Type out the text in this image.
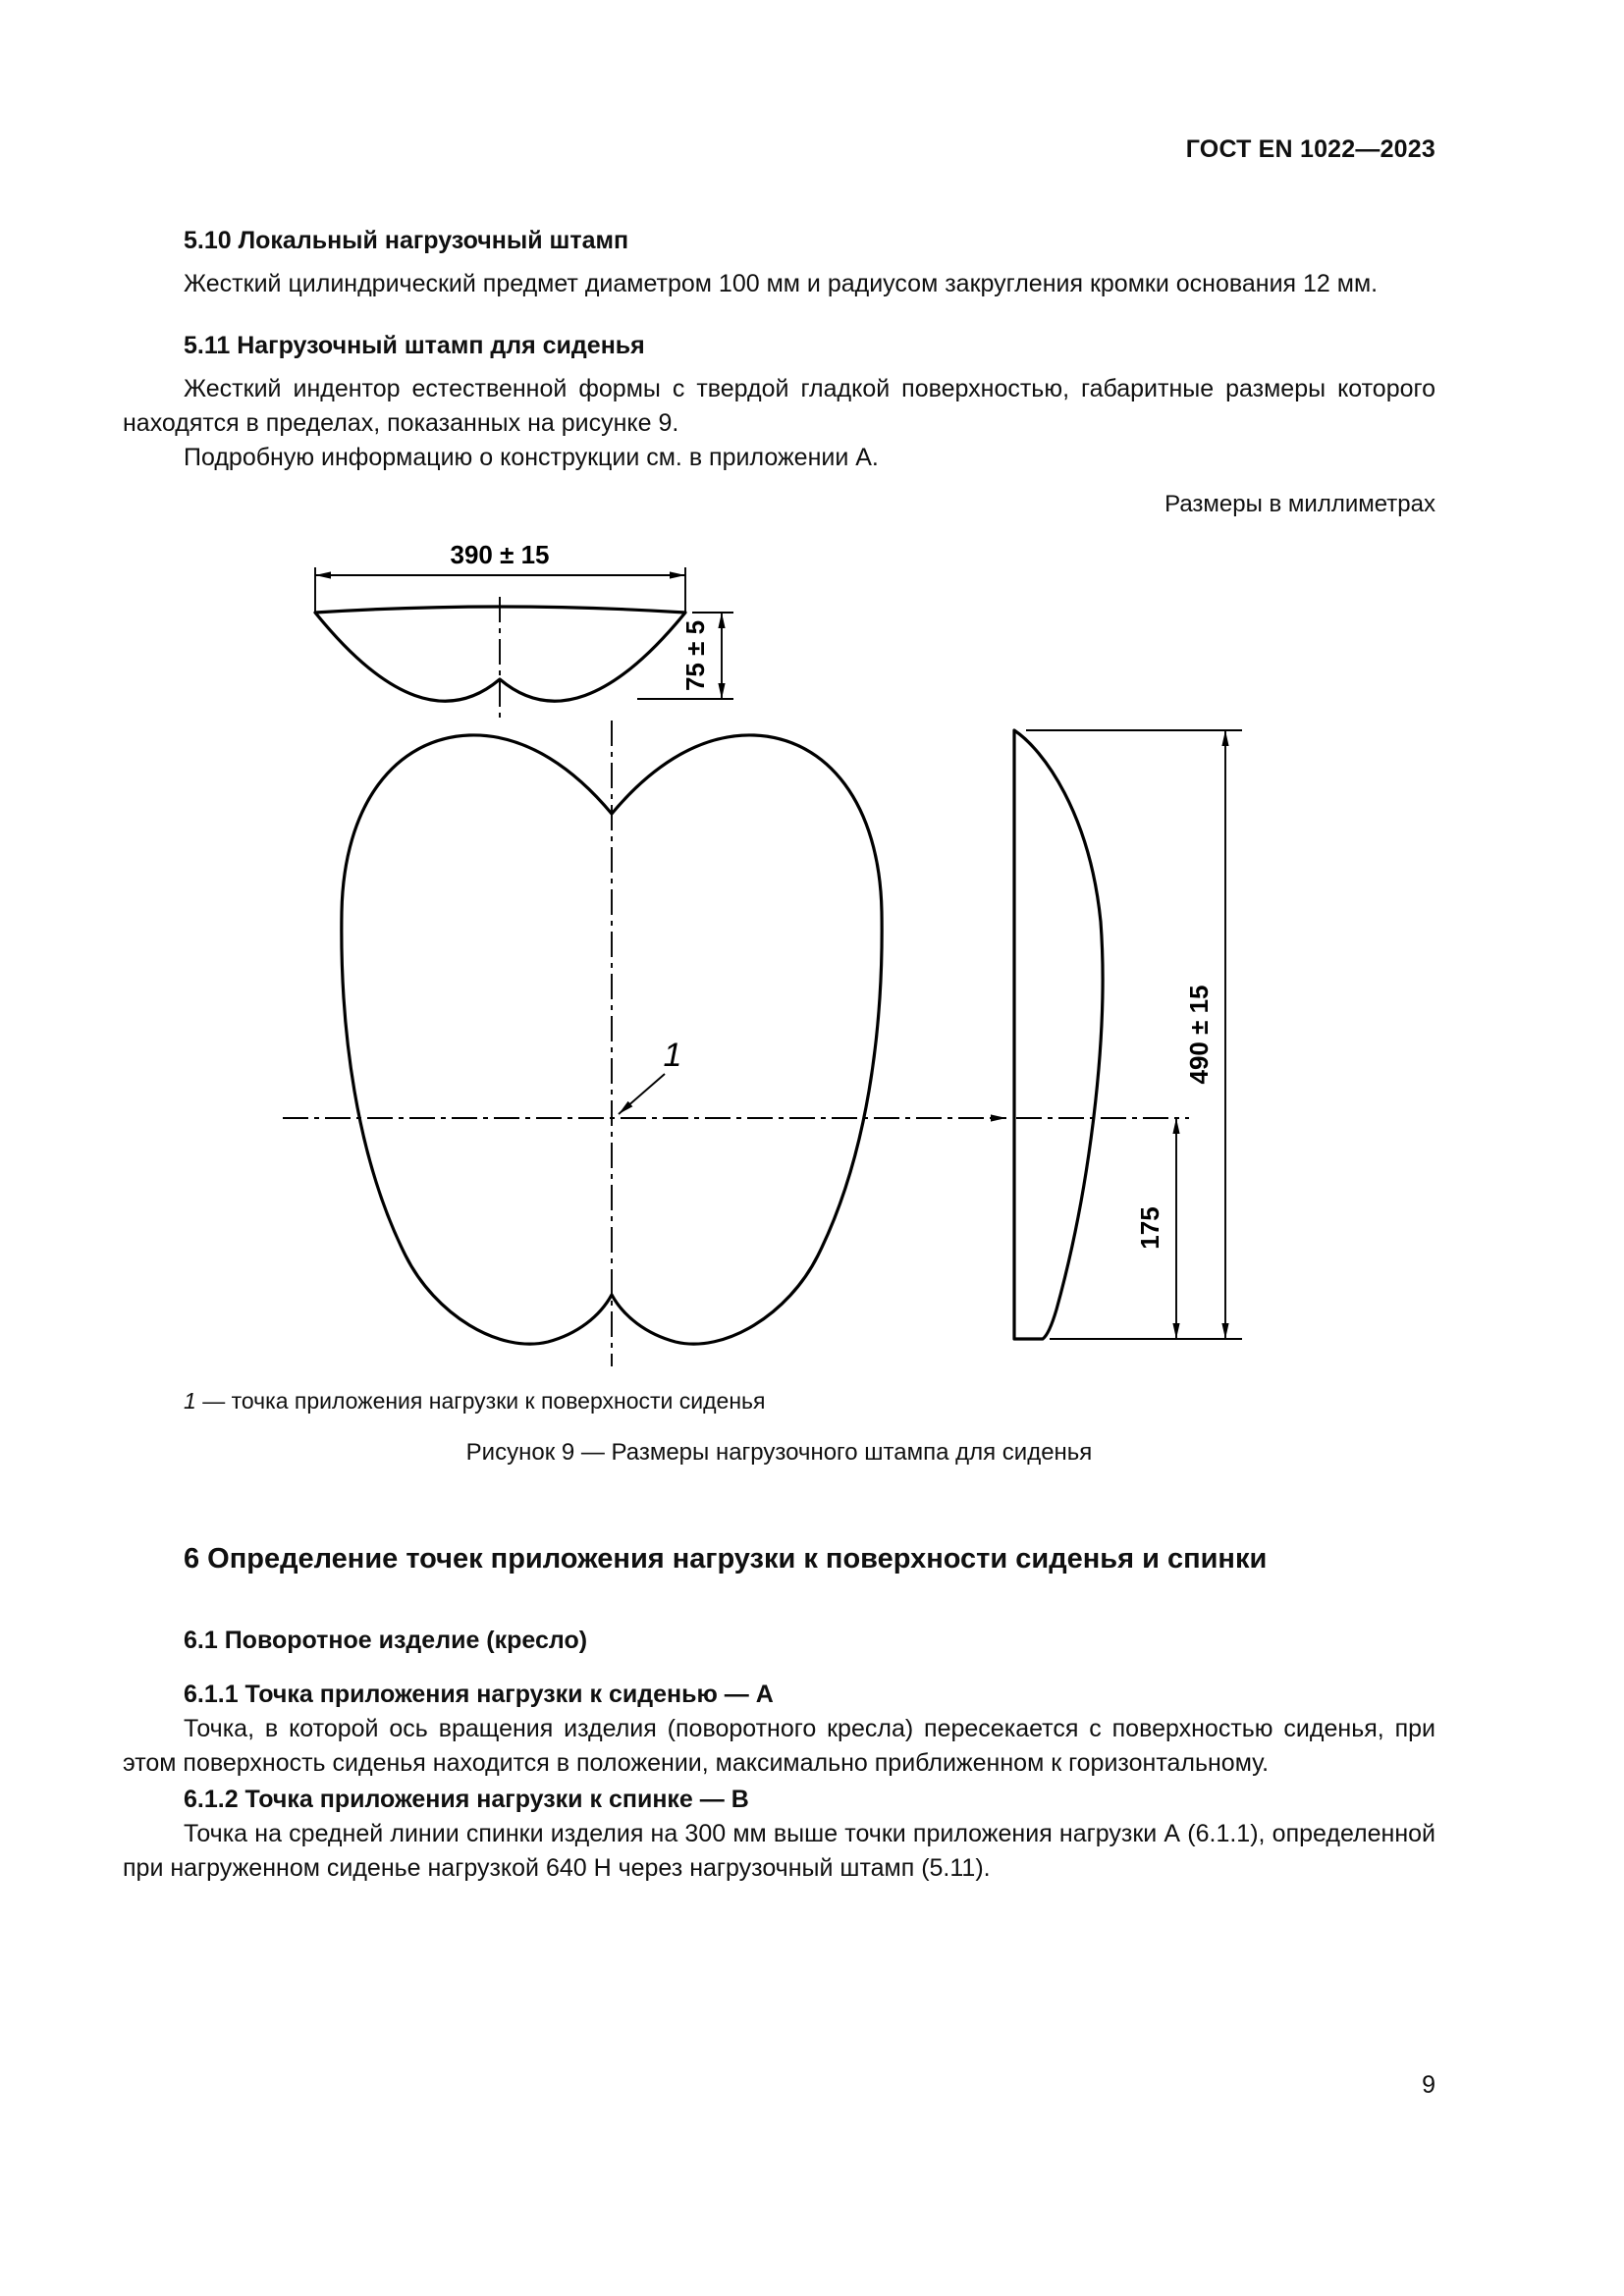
ГОСТ EN 1022—2023
5.10 Локальный нагрузочный штамп

Жесткий цилиндрический предмет диаметром 100 мм и радиусом закругления кромки основания 12 мм.

5.11 Нагрузочный штамп для сиденья

Жесткий индентор естественной формы с твердой гладкой поверхностью, габаритные размеры которого находятся в пределах, показанных на рисунке 9.

Подробную информацию о конструкции см. в приложении А.

Размеры в миллиметрах
390 ± 15
75 ± 5
1	490 ± 15
175
1 — точка приложения нагрузки к поверхности сиденья
Рисунок 9 — Размеры нагрузочного штампа для сиденья
6 Определение точек приложения нагрузки к поверхности сиденья и спинки
6.1 Поворотное изделие (кресло)
6.1.1 Точка приложения нагрузки к сиденью — А

Точка, в которой ось вращения изделия (поворотного кресла) пересекается с поверхностью сиденья, при этом поверхность сиденья находится в положении, максимально приближенном к горизонтальному.

6.1.2 Точка приложения нагрузки к спинке — В

Точка на средней линии спинки изделия на 300 мм выше точки приложения нагрузки А (6.1.1), определенной при нагруженном сиденье нагрузкой 640 Н через нагрузочный штамп (5.11).

9
